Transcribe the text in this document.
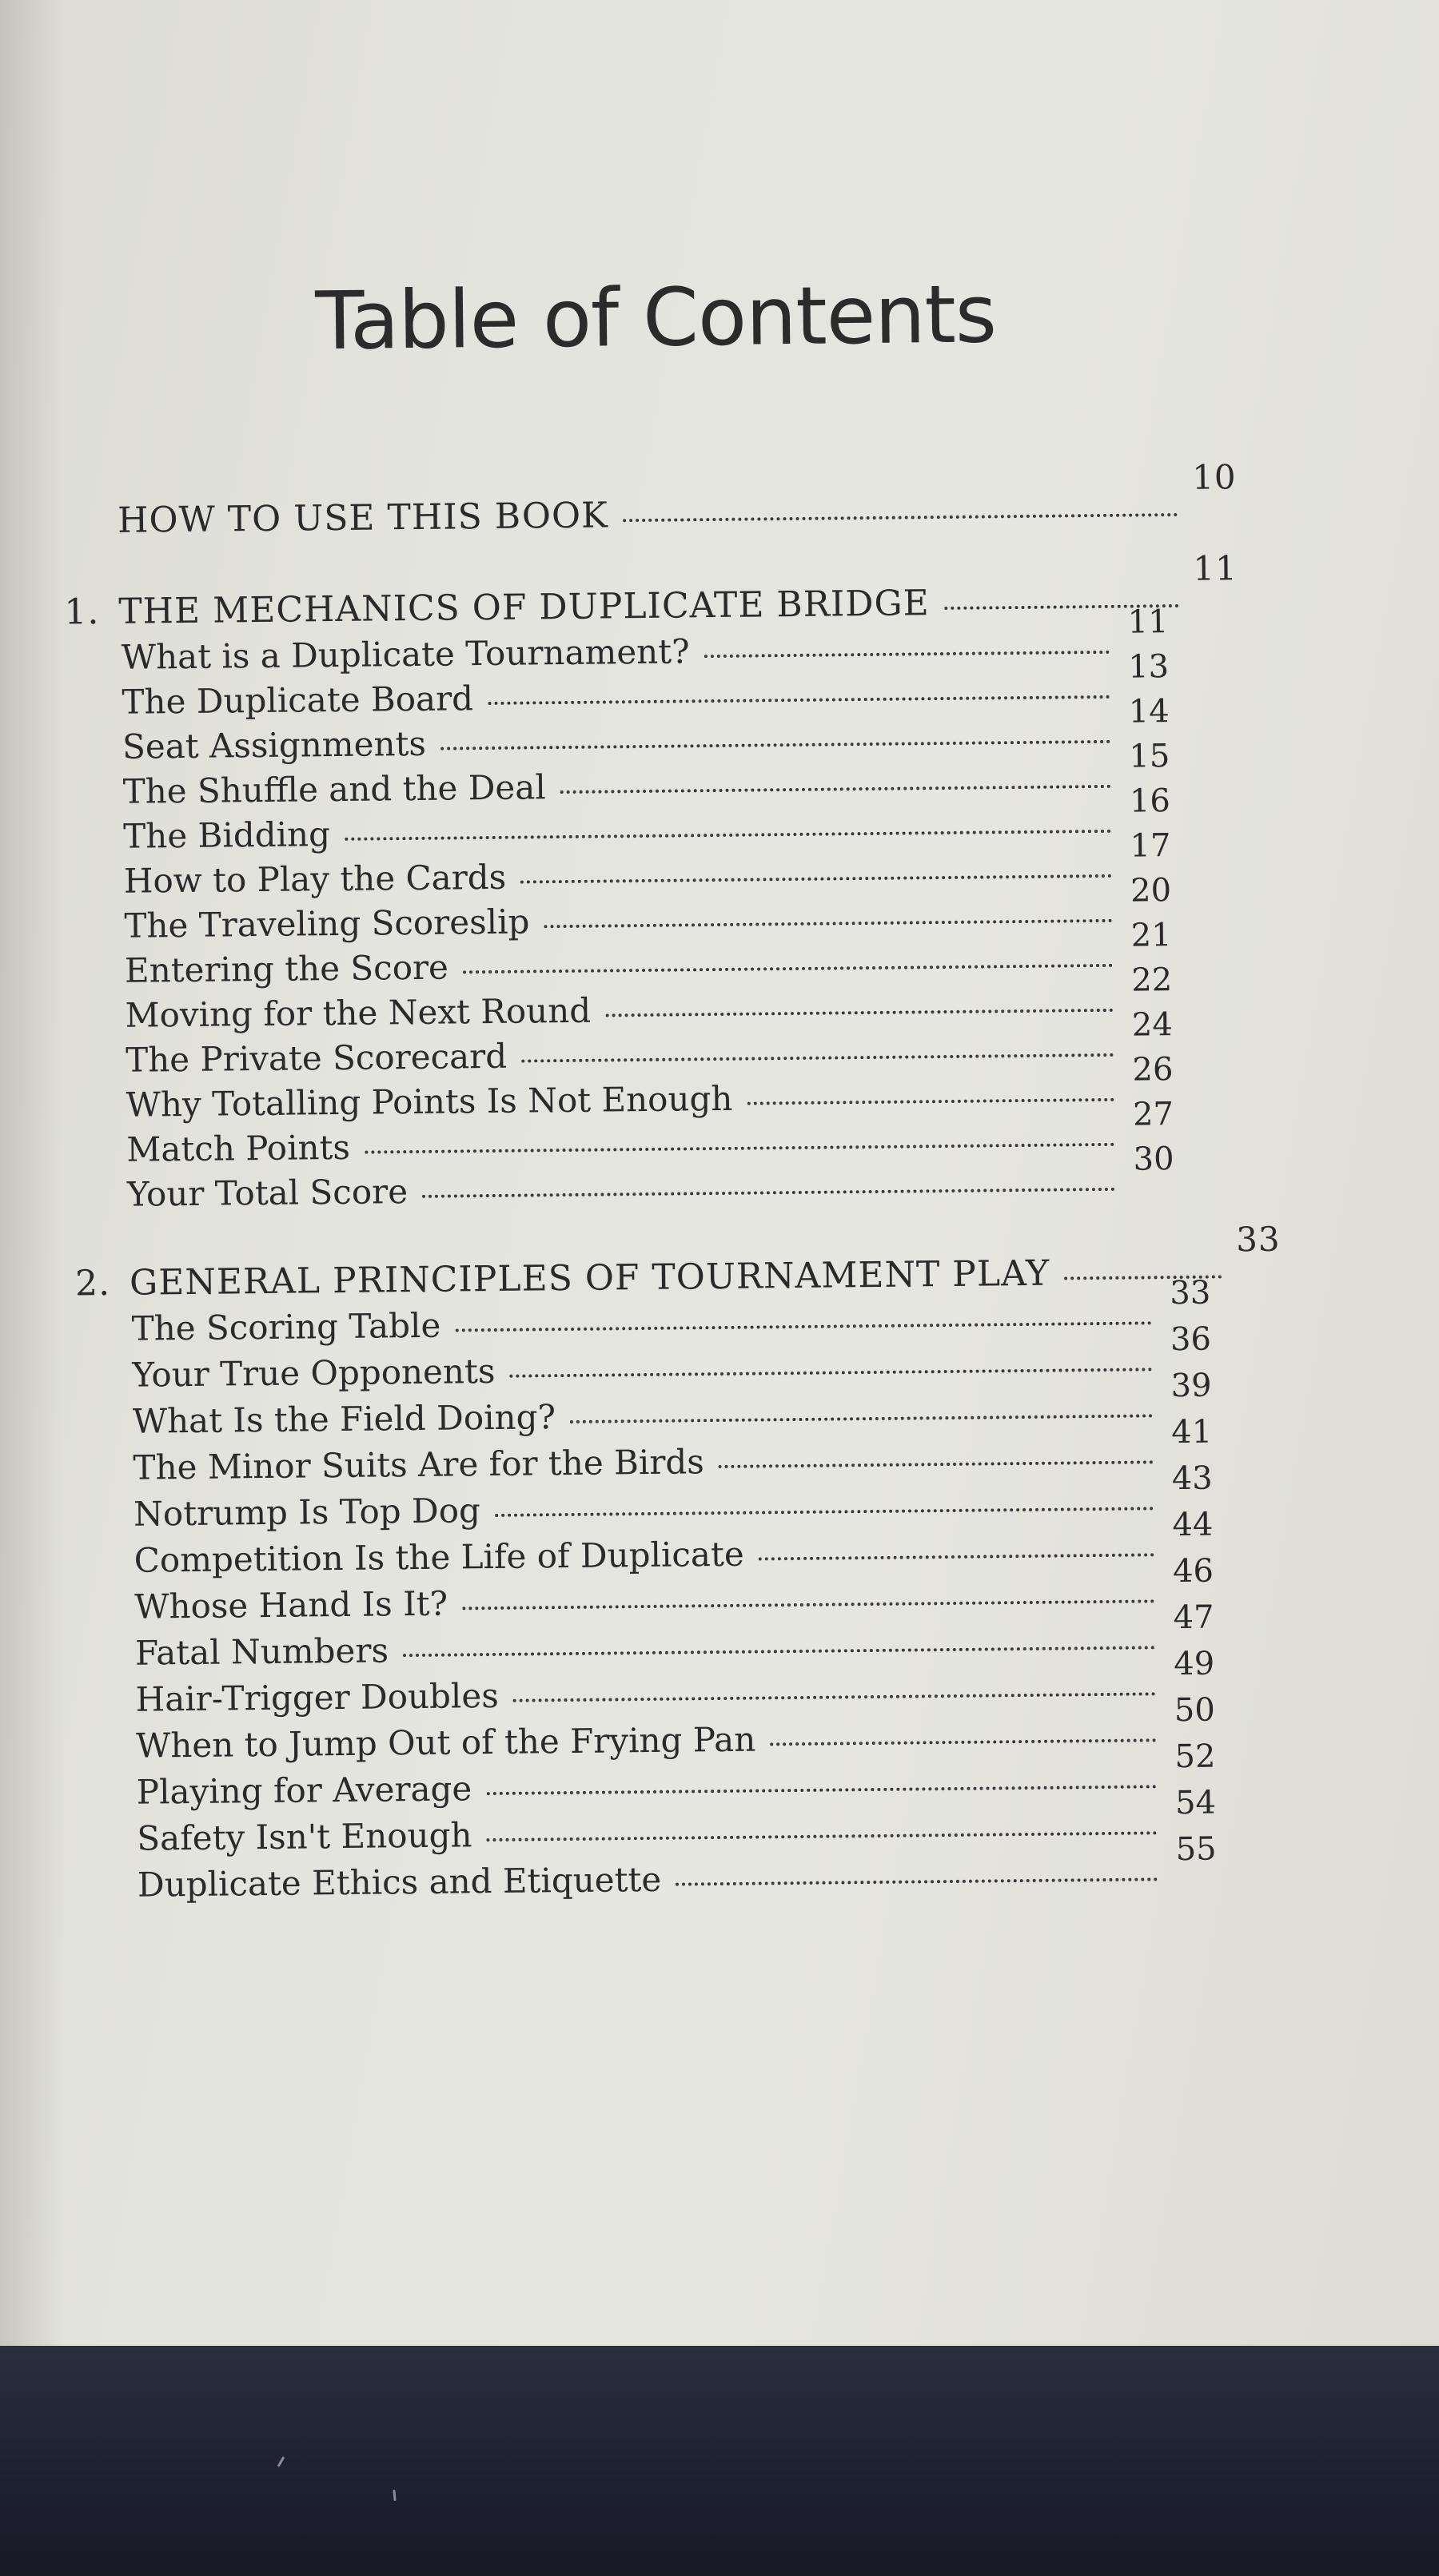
Table of Contents
HOW TO USE THIS BOOK
10
1. THE MECHANICS OF DUPLICATE BRIDGE
11
What is a Duplicate Tournament?
11
The Duplicate Board
13
Seat Assignments
14
The Shuffle and the Deal
15
The Bidding
16
How to Play the Cards
17
The Traveling Scoreslip
20
Entering the Score
21
Moving for the Next Round
22
The Private Scorecard
24
Why Totalling Points Is Not Enough
26
Match Points
27
Your Total Score
30
2. GENERAL PRINCIPLES OF TOURNAMENT PLAY
33
The Scoring Table
33
Your True Opponents
36
What Is the Field Doing?
39
The Minor Suits Are for the Birds
41
Notrump Is Top Dog
43
Competition Is the Life of Duplicate
44
Whose Hand Is It?
46
Fatal Numbers
47
Hair-Trigger Doubles
49
When to Jump Out of the Frying Pan
50
Playing for Average
52
Safety Isn't Enough
54
Duplicate Ethics and Etiquette
55
